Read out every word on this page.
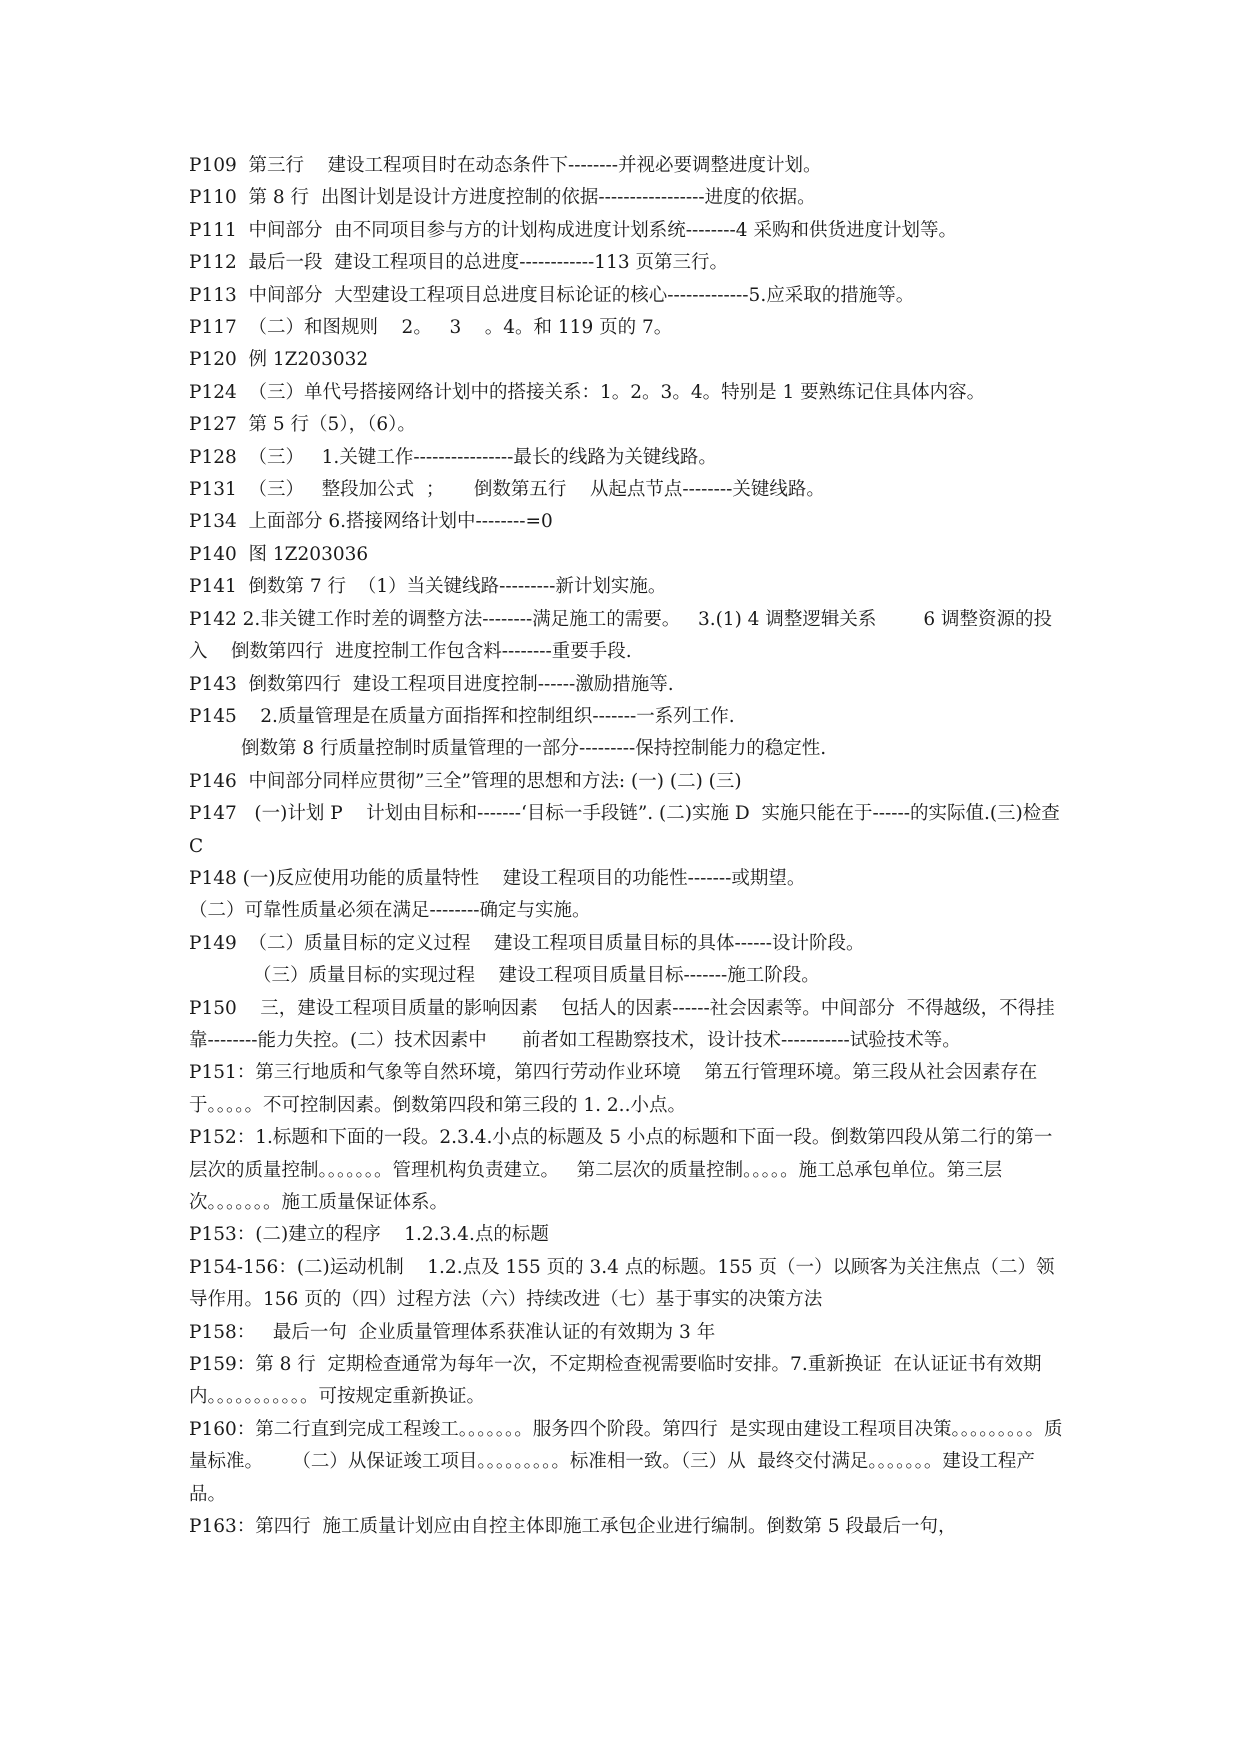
P109  第三行    建设工程项目时在动态条件下--------并视必要调整进度计划。

P110  第 8 行  出图计划是设计方进度控制的依据-----------------进度的依据。

P111  中间部分  由不同项目参与方的计划构成进度计划系统--------4 采购和供货进度计划等。

P112  最后一段  建设工程项目的总进度------------113 页第三行。

P113  中间部分  大型建设工程项目总进度目标论证的核心-------------5.应采取的措施等。

P117  （二）和图规则    2。   3    。4。和 119 页的 7。

P120  例 1Z203032

P124  （三）单代号搭接网络计划中的搭接关系：1。2。3。4。特别是 1 要熟练记住具体内容。

P127  第 5 行（5），（6）。

P128  （三）   1.关键工作----------------最长的线路为关键线路。

P131  （三）   整段加公式  ；     倒数第五行    从起点节点--------关键线路。

P134  上面部分 6.搭接网络计划中--------=0

P140  图 1Z203036

P141  倒数第 7 行  （1）当关键线路---------新计划实施。

P142 2.非关键工作时差的调整方法--------满足施工的需要。   3.(1) 4 调整逻辑关系        6 调整资源的投入    倒数第四行  进度控制工作包含料--------重要手段.

P143  倒数第四行  建设工程项目进度控制------激励措施等.

P145    2.质量管理是在质量方面指挥和控制组织-------一系列工作.

倒数第 8 行质量控制时质量管理的一部分---------保持控制能力的稳定性.

P146  中间部分同样应贯彻”三全”管理的思想和方法: (一) (二) (三)

P147   (一)计划 P    计划由目标和-------‘目标一手段链”. (二)实施 D  实施只能在于------的实际值.(三)检查 C

P148 (一)反应使用功能的质量特性    建设工程项目的功能性-------或期望。

（二）可靠性质量必须在满足--------确定与实施。

P149  （二）质量目标的定义过程    建设工程项目质量目标的具体------设计阶段。

（三）质量目标的实现过程    建设工程项目质量目标-------施工阶段。

P150    三，建设工程项目质量的影响因素    包括人的因素------社会因素等。中间部分  不得越级，不得挂靠--------能力失控。(二）技术因素中      前者如工程勘察技术，设计技术-----------试验技术等。

P151：第三行地质和气象等自然环境，第四行劳动作业环境    第五行管理环境。第三段从社会因素存在于。。。。。不可控制因素。倒数第四段和第三段的 1. 2..小点。

P152：1.标题和下面的一段。2.3.4.小点的标题及 5 小点的标题和下面一段。倒数第四段从第二行的第一层次的质量控制。。。。。。。管理机构负责建立。   第二层次的质量控制。。。。。施工总承包单位。第三层次。。。。。。。施工质量保证体系。

P153：(二)建立的程序    1.2.3.4.点的标题

P154-156：(二)运动机制    1.2.点及 155 页的 3.4 点的标题。155 页（一）以顾客为关注焦点（二）领导作用。156 页的（四）过程方法（六）持续改进（七）基于事实的决策方法

P158：   最后一句  企业质量管理体系获准认证的有效期为 3 年

P159：第 8 行  定期检查通常为每年一次，不定期检查视需要临时安排。7.重新换证  在认证证书有效期内。。。。。。。。。。。可按规定重新换证。

P160：第二行直到完成工程竣工。。。。。。。服务四个阶段。第四行  是实现由建设工程项目决策。。。。。。。。。质量标准。     （二）从保证竣工项目。。。。。。。。。标准相一致。（三）从  最终交付满足。。。。。。。建设工程产品。

P163：第四行  施工质量计划应由自控主体即施工承包企业进行编制。倒数第 5 段最后一句，
